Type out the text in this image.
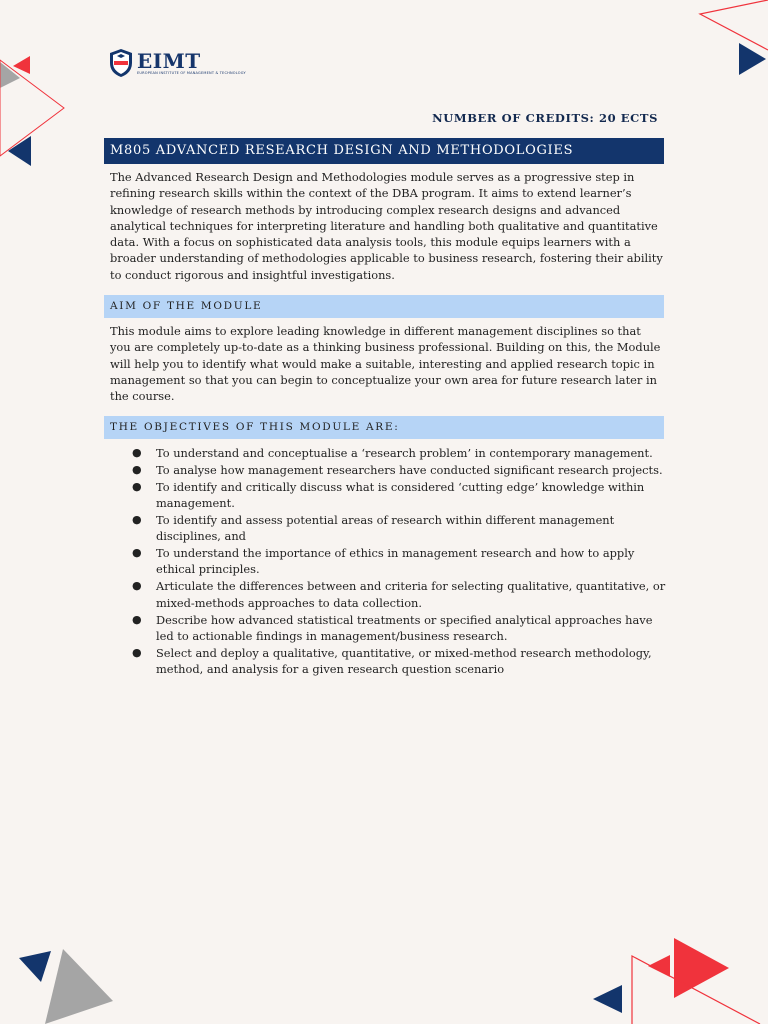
EIMT
EUROPEAN INSTITUTE OF MANAGEMENT & TECHNOLOGY
NUMBER OF CREDITS: 20 ECTS
M805 ADVANCED RESEARCH DESIGN AND METHODOLOGIES
The Advanced Research Design and Methodologies module serves as a progressive step in refining research skills within the context of the DBA program. It aims to extend learner’s knowledge of research methods by introducing complex research designs and advanced analytical techniques for interpreting literature and handling both qualitative and quantitative data. With a focus on sophisticated data analysis tools, this module equips learners with a broader understanding of methodologies applicable to business research, fostering their ability to conduct rigorous and insightful investigations.
AIM OF THE MODULE
This module aims to explore leading knowledge in different management disciplines so that you are completely up-to-date as a thinking business professional. Building on this, the Module will help you to identify what would make a suitable, interesting and applied research topic in management so that you can begin to conceptualize your own area for future research later in the course.
THE OBJECTIVES OF THIS MODULE ARE:
● To understand and conceptualise a ‘research problem’ in contemporary management.
● To analyse how management researchers have conducted significant research projects.
● To identify and critically discuss what is considered ‘cutting edge’ knowledge within management.
● To identify and assess potential areas of research within different management disciplines, and
● To understand the importance of ethics in management research and how to apply ethical principles.
● Articulate the differences between and criteria for selecting qualitative, quantitative, or mixed-methods approaches to data collection.
● Describe how advanced statistical treatments or specified analytical approaches have led to actionable findings in management/business research.
● Select and deploy a qualitative, quantitative, or mixed-method research methodology, method, and analysis for a given research question scenario
